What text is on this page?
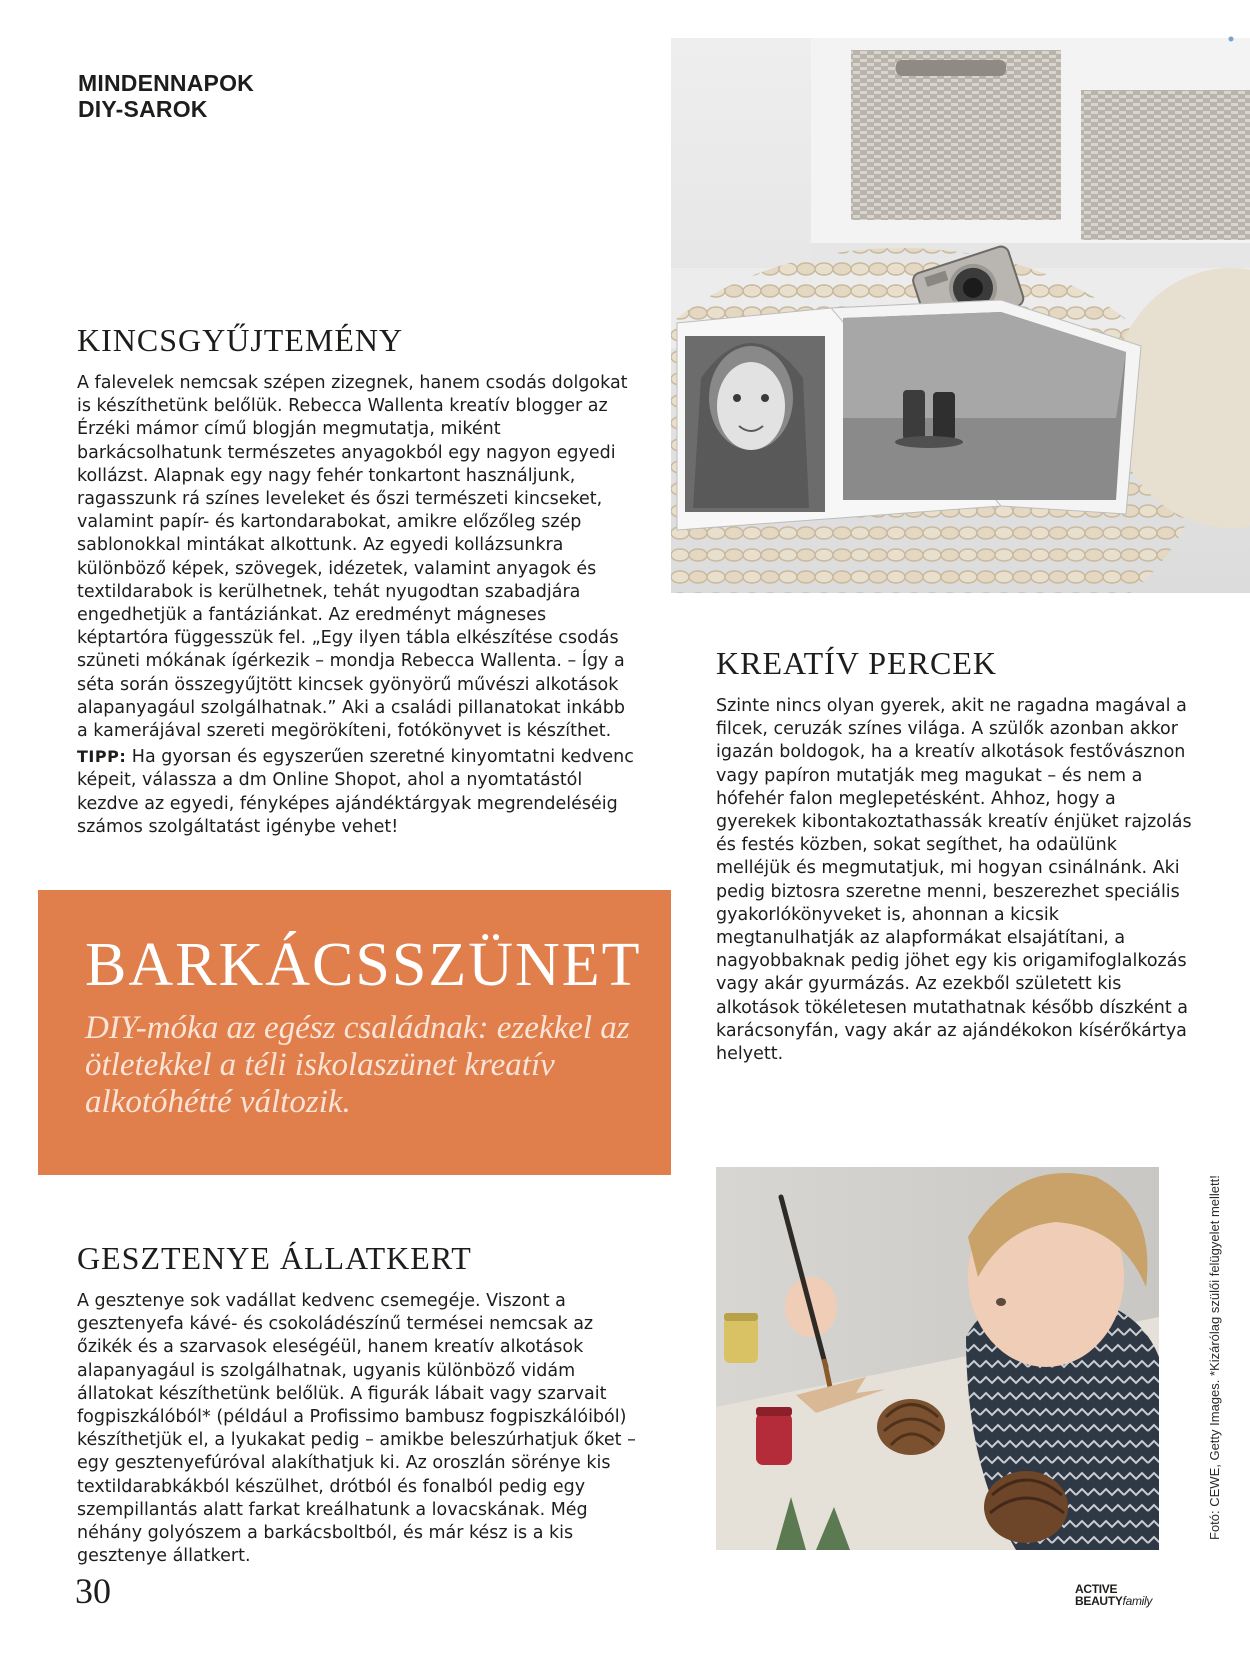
MINDENNAPOK
DIY-SAROK
KINCSGYŰJTEMÉNY

A falevelek nemcsak szépen zizegnek, hanem csodás dolgokat is készíthetünk belőlük. Rebecca Wallenta kreatív blogger az Érzéki mámor című blogján megmutatja, miként barkácsolhatunk természetes anyagokból egy nagyon egyedi kollázst. Alapnak egy nagy fehér tonkartont használjunk, ragasszunk rá színes leveleket és őszi természeti kincseket, valamint papír- és kartondarabokat, amikre előzőleg szép sablonokkal mintákat alkottunk. Az egyedi kollázsunkra különböző képek, szövegek, idézetek, valamint anyagok és textildarabok is kerülhetnek, tehát nyugodtan szabadjára engedhetjük a fantáziánkat. Az eredményt mágneses képtartóra függesszük fel. „Egy ilyen tábla elkészítése csodás szüneti mókának ígérkezik – mondja Rebecca Wallenta. – Így a séta során összegyűjtött kincsek gyönyörű művészi alkotások alapanyagául szolgálhatnak.” Aki a családi pillanatokat inkább a kamerájával szereti megörökíteni, fotókönyvet is készíthet.

TIPP: Ha gyorsan és egyszerűen szeretné kinyomtatni kedvenc képeit, válassza a dm Online Shopot, ahol a nyomtatástól kezdve az egyedi, fényképes ajándéktárgyak megrendeléséig számos szolgáltatást igénybe vehet!

KREATÍV PERCEK

Szinte nincs olyan gyerek, akit ne ragadna magával a filcek, ceruzák színes világa. A szülők azonban akkor igazán boldogok, ha a kreatív alkotások festővásznon vagy papíron mutatják meg magukat – és nem a hófehér falon meglepetésként. Ahhoz, hogy a gyerekek kibontakoztathassák kreatív énjüket rajzolás és festés közben, sokat segíthet, ha odaülünk melléjük és megmutatjuk, mi hogyan csinálnánk. Aki pedig biztosra szeretne menni, beszerezhet speciális gyakorlókönyveket is, ahonnan a kicsik megtanulhatják az alapformákat elsajátítani, a nagyobbaknak pedig jöhet egy kis origamifoglalkozás vagy akár gyurmázás. Az ezekből született kis alkotások tökéletesen mutathatnak később díszként a karácsonyfán, vagy akár az ajándékokon kísérőkártya helyett.

BARKÁCSSZÜNET

DIY-móka az egész családnak: ezekkel az ötletekkel a téli iskolaszünet kreatív alkotóhétté változik.

GESZTENYE ÁLLATKERT

A gesztenye sok vadállat kedvenc csemegéje. Viszont a gesztenyefa kávé- és csokoládészínű termései nemcsak az őzikék és a szarvasok eleségéül, hanem kreatív alkotások alapanyagául is szolgálhatnak, ugyanis különböző vidám állatokat készíthetünk belőlük. A figurák lábait vagy szarvait fogpiszkálóból* (például a Profissimo bambusz fogpiszkálóiból) készíthetjük el, a lyukakat pedig – amikbe beleszúrhatjuk őket – egy gesztenyefúróval alakíthatjuk ki. Az oroszlán sörénye kis textildarabkákból készülhet, drótból és fonalból pedig egy szempillantás alatt farkat kreálhatunk a lovacskának. Még néhány golyószem a barkácsboltból, és már kész is a kis gesztenye állatkert.

Fotó: CEWE, Getty Images. *Kizárólag szülői felügyelet mellett!
30	ACTIVE
BEAUTYfamily
